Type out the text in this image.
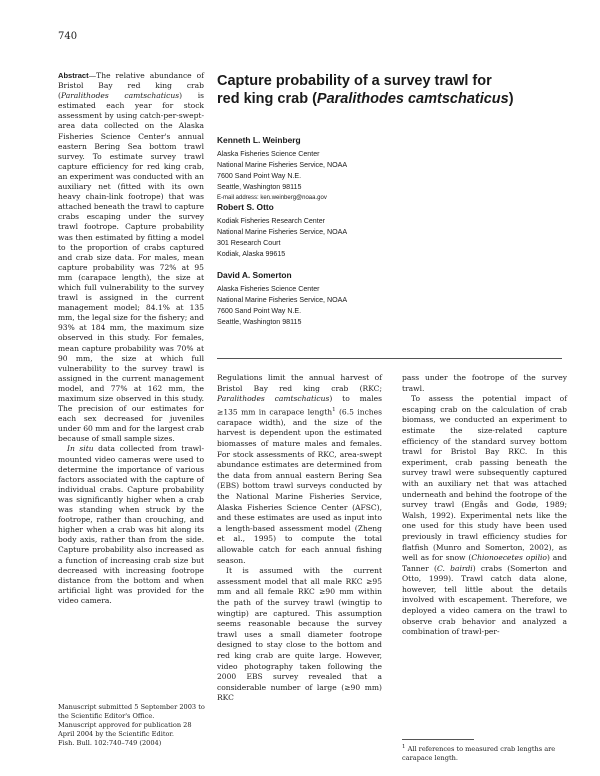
740

Abstract—The relative abundance of Bristol Bay red king crab (Paralithodes camtschaticus) is estimated each year for stock assessment by using catch-per-swept-area data collected on the Alaska Fisheries Science Center's annual eastern Bering Sea bottom trawl survey. To estimate survey trawl capture efficiency for red king crab, an experiment was conducted with an auxiliary net (fitted with its own heavy chain-link footrope) that was attached beneath the trawl to capture crabs escaping under the survey trawl footrope. Capture probability was then estimated by fitting a model to the proportion of crabs captured and crab size data. For males, mean capture probability was 72% at 95 mm (carapace length), the size at which full vulnerability to the survey trawl is assigned in the current management model; 84.1% at 135 mm, the legal size for the fishery; and 93% at 184 mm, the maximum size observed in this study. For females, mean capture probability was 70% at 90 mm, the size at which full vulnerability to the survey trawl is assigned in the current management model, and 77% at 162 mm, the maximum size observed in this study. The precision of our estimates for each sex decreased for juveniles under 60 mm and for the largest crab because of small sample sizes.

In situ data collected from trawl-mounted video cameras were used to determine the importance of various factors associated with the capture of individual crabs. Capture probability was significantly higher when a crab was standing when struck by the footrope, rather than crouching, and higher when a crab was hit along its body axis, rather than from the side. Capture probability also increased as a function of increasing crab size but decreased with increasing footrope distance from the bottom and when artificial light was provided for the video camera.

Capture probability of a survey trawl for
red king crab (Paralithodes camtschaticus)
Kenneth L. Weinberg
Alaska Fisheries Science Center
National Marine Fisheries Service, NOAA
7600 Sand Point Way N.E.
Seattle, Washington 98115
E-mail address: ken.weinberg@noaa.gov
Robert S. Otto
Kodiak Fisheries Research Center
National Marine Fisheries Service, NOAA
301 Research Court
Kodiak, Alaska 99615
David A. Somerton
Alaska Fisheries Science Center
National Marine Fisheries Service, NOAA
7600 Sand Point Way N.E.
Seattle, Washington 98115

Regulations limit the annual harvest of Bristol Bay red king crab (RKC; Paralithodes camtschaticus) to males ≥135 mm in carapace length$^1$ (6.5 inches carapace width), and the size of the harvest is dependent upon the estimated biomasses of mature males and females. For stock assessments of RKC, area-swept abundance estimates are determined from the data from annual eastern Bering Sea (EBS) bottom trawl surveys conducted by the National Marine Fisheries Service, Alaska Fisheries Science Center (AFSC), and these estimates are used as input into a length-based assessment model (Zheng et al., 1995) to compute the total allowable catch for each annual fishing season.

It is assumed with the current assessment model that all male RKC ≥95 mm and all female RKC ≥90 mm within the path of the survey trawl (wingtip to wingtip) are captured. This assumption seems reasonable because the survey trawl uses a small diameter footrope designed to stay close to the bottom and red king crab are quite large. However, video photography taken following the 2000 EBS survey revealed that a considerable number of large (≥90 mm) RKC

pass under the footrope of the survey trawl.

To assess the potential impact of escaping crab on the calculation of crab biomass, we conducted an experiment to estimate the size-related capture efficiency of the standard survey bottom trawl for Bristol Bay RKC. In this experiment, crab passing beneath the survey trawl were subsequently captured with an auxiliary net that was attached underneath and behind the footrope of the survey trawl (Engås and Godø, 1989; Walsh, 1992). Experimental nets like the one used for this study have been used previously in trawl efficiency studies for flatfish (Munro and Somerton, 2002), as well as for snow (Chionoecetes opilio) and Tanner (C. bairdi) crabs (Somerton and Otto, 1999). Trawl catch data alone, however, tell little about the details involved with escapement. Therefore, we deployed a video camera on the trawl to observe crab behavior and analyzed a combination of trawl-per-

$^1$ All references to measured crab lengths are carapace length.
Manuscript submitted 5 September 2003 to the Scientific Editor's Office.
Manuscript approved for publication 28 April 2004 by the Scientific Editor.
Fish. Bull. 102:740–749 (2004)
